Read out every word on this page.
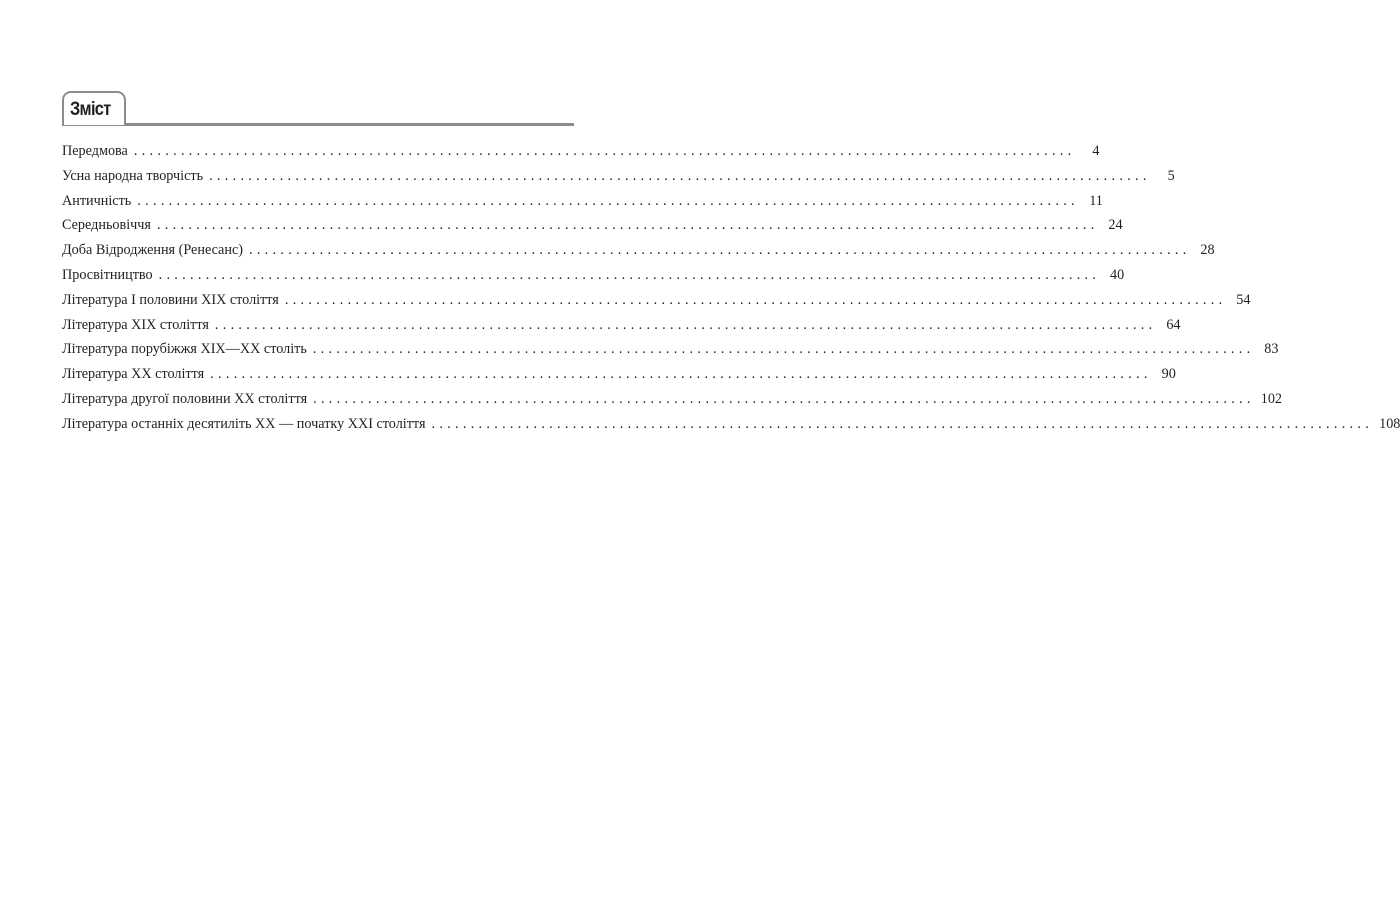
Зміст
Передмова ........................................................................................................................	4
Усна народна творчість ........................................................................................................................	5
Античність ........................................................................................................................ 11
Середньовіччя ........................................................................................................................ 24
Доба Відродження (Ренесанс) ........................................................................................................................ 28
Просвітництво ........................................................................................................................ 40
Література І половини XIX століття ........................................................................................................................ 54
Література XIX століття ........................................................................................................................ 64
Література порубіжжя XIX—XX століть ........................................................................................................................ 83
Література XX століття ........................................................................................................................ 90
Література другої половини XX століття ........................................................................................................................ 102
Література останніх десятиліть XX — початку XXI століття ........................................................................................................................ 108
